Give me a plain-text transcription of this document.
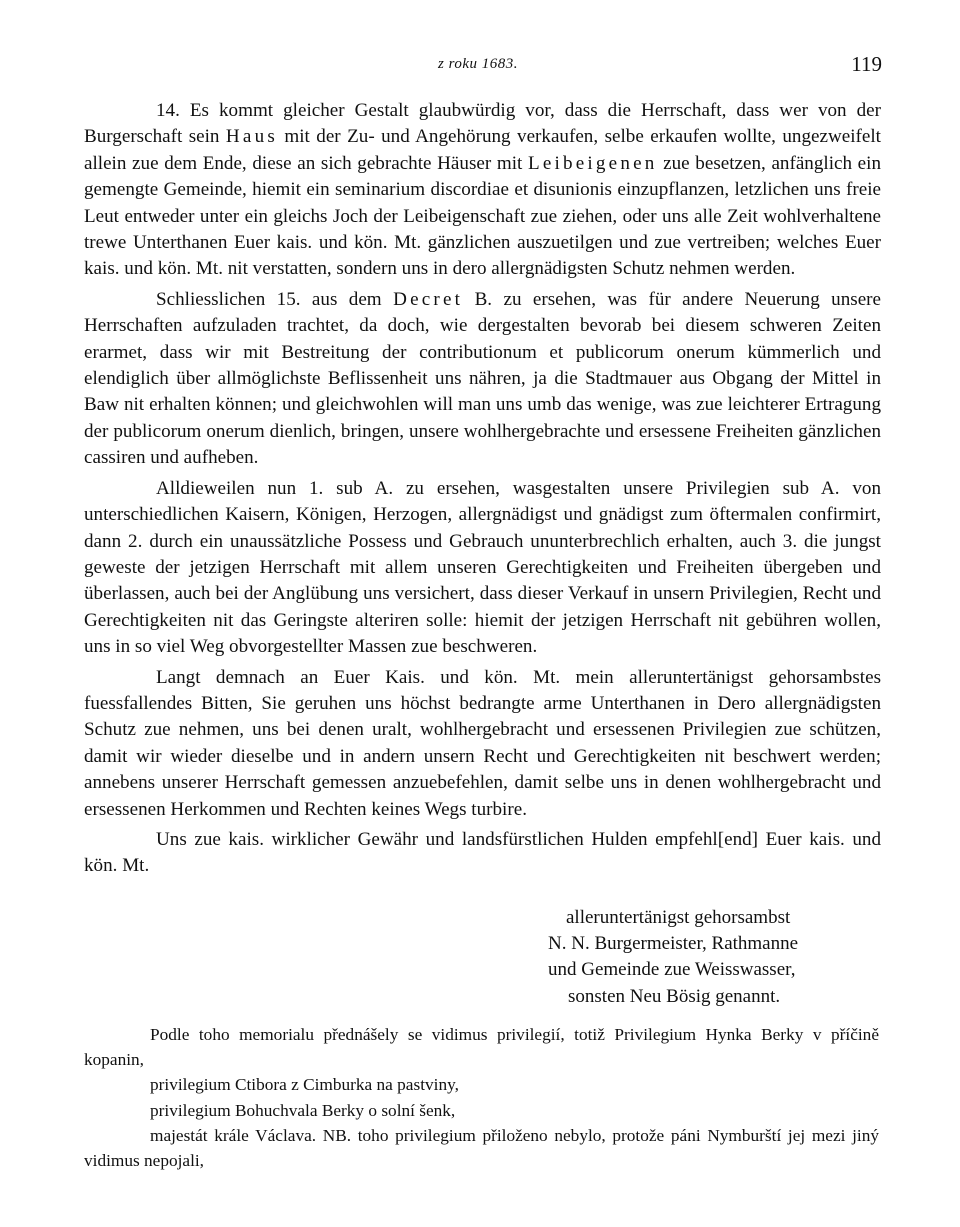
z roku 1683.	119

14. Es kommt gleicher Gestalt glaubwürdig vor, dass die Herrschaft, dass wer von der Burgerschaft sein Haus mit der Zu- und Angehörung verkaufen, selbe erkaufen wollte, ungezweifelt allein zue dem Ende, diese an sich gebrachte Häuser mit Leibeigenen zue besetzen, anfänglich ein gemengte Gemeinde, hiemit ein seminarium discordiae et disunionis einzupflanzen, letzlichen uns freie Leut entweder unter ein gleichs Joch der Leibeigenschaft zue ziehen, oder uns alle Zeit wohlverhaltene trewe Unterthanen Euer kais. und kön. Mt. gänzlichen auszuetilgen und zue vertreiben; welches Euer kais. und kön. Mt. nit verstatten, sondern uns in dero allergnädigsten Schutz nehmen werden.

Schliesslichen 15. aus dem Decret B. zu ersehen, was für andere Neuerung unsere Herrschaften aufzuladen trachtet, da doch, wie dergestalten bevorab bei diesem schweren Zeiten erarmet, dass wir mit Bestreitung der contributionum et publicorum onerum kümmerlich und elendiglich über allmöglichste Beflissenheit uns nähren, ja die Stadtmauer aus Obgang der Mittel in Baw nit erhalten können; und gleichwohlen will man uns umb das wenige, was zue leichterer Ertragung der publicorum onerum dienlich, bringen, unsere wohlhergebrachte und ersessene Freiheiten gänzlichen cassiren und aufheben.

Alldieweilen nun 1. sub A. zu ersehen, wasgestalten unsere Privilegien sub A. von unterschiedlichen Kaisern, Königen, Herzogen, allergnädigst und gnädigst zum öftermalen confirmirt, dann 2. durch ein unaussätzliche Possess und Gebrauch ununterbrechlich erhalten, auch 3. die jungst geweste der jetzigen Herrschaft mit allem unseren Gerechtigkeiten und Freiheiten übergeben und überlassen, auch bei der Anglübung uns versichert, dass dieser Verkauf in unsern Privilegien, Recht und Gerechtigkeiten nit das Geringste alteriren solle: hiemit der jetzigen Herrschaft nit gebühren wollen, uns in so viel Weg obvorgestellter Massen zue beschweren.

Langt demnach an Euer Kais. und kön. Mt. mein alleruntertänigst gehorsambstes fuessfallendes Bitten, Sie geruhen uns höchst bedrangte arme Unterthanen in Dero allergnädigsten Schutz zue nehmen, uns bei denen uralt, wohlhergebracht und ersessenen Privilegien zue schützen, damit wir wieder dieselbe und in andern unsern Recht und Gerechtigkeiten nit beschwert werden; annebens unserer Herrschaft gemessen anzuebefehlen, damit selbe uns in denen wohlhergebracht und ersessenen Herkommen und Rechten keines Wegs turbire.

Uns zue kais. wirklicher Gewähr und landsfürstlichen Hulden empfehl[end] Euer kais. und kön. Mt.

alleruntertänigst gehorsambst
N. N. Burgermeister, Rathmanne
und Gemeinde zue Weisswasser,
sonsten Neu Bösig genannt.

Podle toho memorialu přednášely se vidimus privilegií, totiž Privilegium Hynka Berky v příčině kopanin,

privilegium Ctibora z Cimburka na pastviny,
privilegium Bohuchvala Berky o solní šenk,

majestát krále Václava. NB. toho privilegium přiloženo nebylo, protože páni Nymburští jej mezi jiný vidimus nepojali,
